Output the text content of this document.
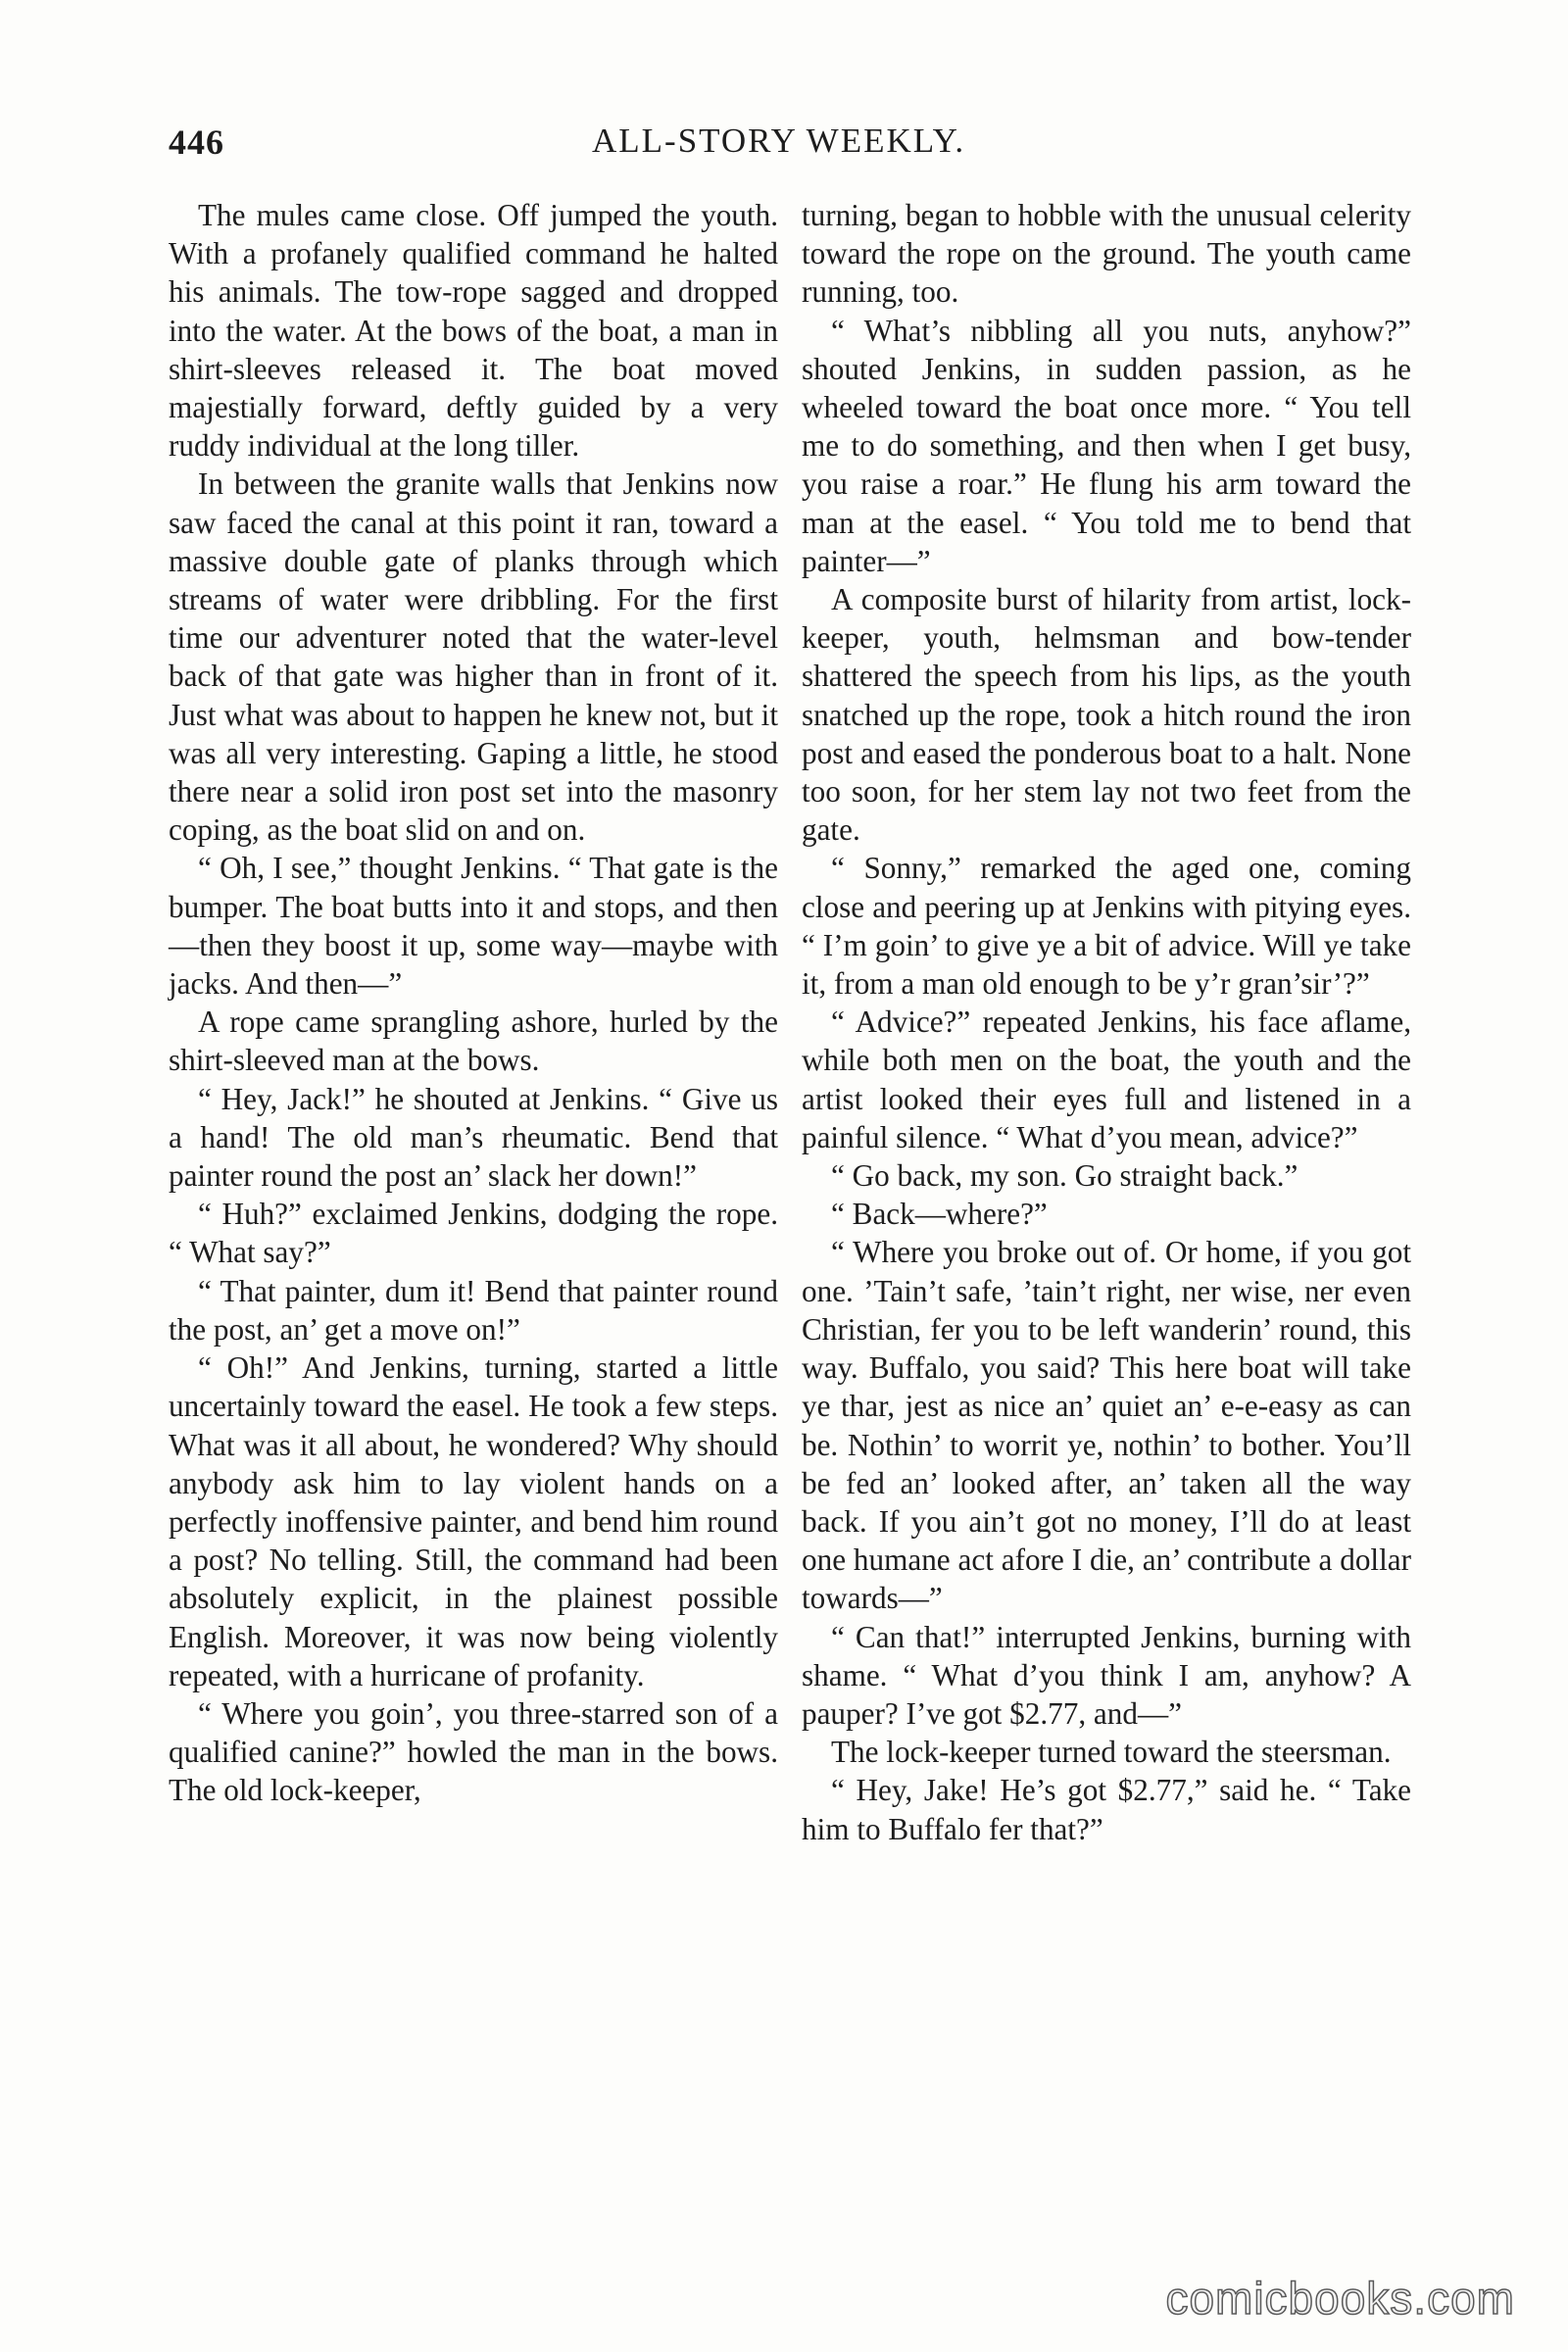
446	ALL-STORY WEEKLY.

The mules came close. Off jumped the youth. With a profanely qualified command he halted his animals. The tow-rope sagged and dropped into the water. At the bows of the boat, a man in shirt-sleeves released it. The boat moved majestially forward, deftly guided by a very ruddy individual at the long tiller.

In between the granite walls that Jenkins now saw faced the canal at this point it ran, toward a massive double gate of planks through which streams of water were dribbling. For the first time our adventurer noted that the water-level back of that gate was higher than in front of it. Just what was about to happen he knew not, but it was all very interesting. Gaping a little, he stood there near a solid iron post set into the masonry coping, as the boat slid on and on.

“ Oh, I see,” thought Jenkins. “ That gate is the bumper. The boat butts into it and stops, and then—then they boost it up, some way—maybe with jacks. And then—”

A rope came sprangling ashore, hurled by the shirt-sleeved man at the bows.

“ Hey, Jack!” he shouted at Jenkins. “ Give us a hand! The old man’s rheumatic. Bend that painter round the post an’ slack her down!”

“ Huh?” exclaimed Jenkins, dodging the rope. “ What say?”

“ That painter, dum it! Bend that painter round the post, an’ get a move on!”

“ Oh!” And Jenkins, turning, started a little uncertainly toward the easel. He took a few steps. What was it all about, he wondered? Why should anybody ask him to lay violent hands on a perfectly inoffensive painter, and bend him round a post? No telling. Still, the command had been absolutely explicit, in the plainest possible English. Moreover, it was now being violently repeated, with a hurricane of profanity.

“ Where you goin’, you three-starred son of a qualified canine?” howled the man in the bows. The old lock-keeper,

turning, began to hobble with the unusual celerity toward the rope on the ground. The youth came running, too.

“ What’s nibbling all you nuts, anyhow?” shouted Jenkins, in sudden passion, as he wheeled toward the boat once more. “ You tell me to do something, and then when I get busy, you raise a roar.” He flung his arm toward the man at the easel. “ You told me to bend that painter—”

A composite burst of hilarity from artist, lock-keeper, youth, helmsman and bow-tender shattered the speech from his lips, as the youth snatched up the rope, took a hitch round the iron post and eased the ponderous boat to a halt. None too soon, for her stem lay not two feet from the gate.

“ Sonny,” remarked the aged one, coming close and peering up at Jenkins with pitying eyes. “ I’m goin’ to give ye a bit of advice. Will ye take it, from a man old enough to be y’r gran’sir’?”

“ Advice?” repeated Jenkins, his face aflame, while both men on the boat, the youth and the artist looked their eyes full and listened in a painful silence. “ What d’you mean, advice?”

“ Go back, my son. Go straight back.”

“ Back—where?”

“ Where you broke out of. Or home, if you got one. ’Tain’t safe, ’tain’t right, ner wise, ner even Christian, fer you to be left wanderin’ round, this way. Buffalo, you said? This here boat will take ye thar, jest as nice an’ quiet an’ e-e-easy as can be. Nothin’ to worrit ye, nothin’ to bother. You’ll be fed an’ looked after, an’ taken all the way back. If you ain’t got no money, I’ll do at least one humane act afore I die, an’ contribute a dollar towards—”

“ Can that!” interrupted Jenkins, burning with shame. “ What d’you think I am, anyhow? A pauper? I’ve got $2.77, and—”

The lock-keeper turned toward the steersman.

“ Hey, Jake! He’s got $2.77,” said he. “ Take him to Buffalo fer that?”

comicbooks.com
